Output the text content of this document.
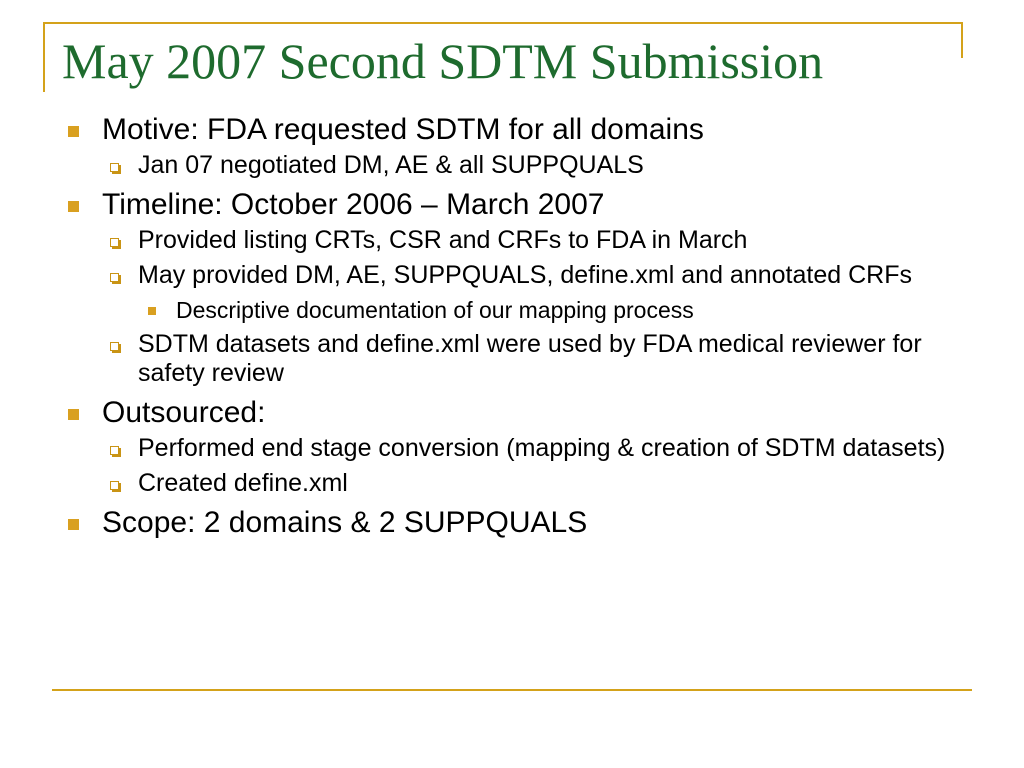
May 2007 Second SDTM Submission
Motive: FDA requested SDTM for all domains
Jan 07 negotiated DM, AE & all SUPPQUALS
Timeline: October 2006 – March 2007
Provided listing CRTs, CSR and CRFs to FDA in March
May provided DM, AE, SUPPQUALS, define.xml and annotated CRFs
Descriptive documentation of our mapping process
SDTM datasets and define.xml were used by FDA medical reviewer for safety review
Outsourced:
Performed end stage conversion (mapping & creation of SDTM datasets)
Created define.xml
Scope: 2 domains & 2 SUPPQUALS
